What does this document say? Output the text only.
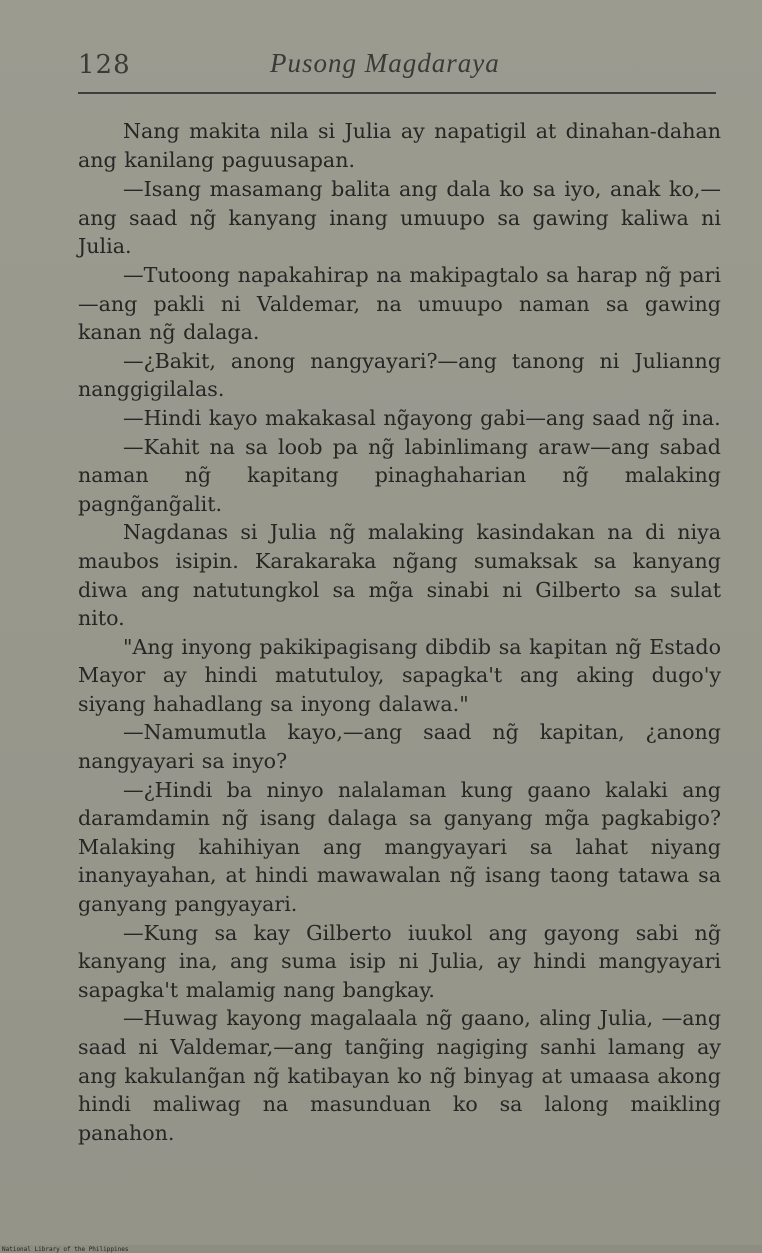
128	Pusong Magdaraya

Nang makita nila si Julia ay napatigil at dinahan-dahan ang kanilang paguusapan.

—Isang masamang balita ang dala ko sa iyo, anak ko,—ang saad ng̃ kanyang inang umuupo sa gawing kaliwa ni Julia.

—Tutoong napakahirap na makipagtalo sa harap ng̃ pari—ang pakli ni Valdemar, na umuupo naman sa gawing kanan ng̃ dalaga.

—¿Bakit, anong nangyayari?—ang tanong ni Julianng nanggigilalas.

—Hindi kayo makakasal ng̃ayong gabi—ang saad ng̃ ina.

—Kahit na sa loob pa ng̃ labinlimang araw—ang sabad naman ng̃ kapitang pinaghaharian ng̃ malaking pagng̃ang̃alit.

Nagdanas si Julia ng̃ malaking kasindakan na di niya maubos isipin. Karakaraka ng̃ang sumaksak sa kanyang diwa ang natutungkol sa mg̃a sinabi ni Gilberto sa sulat nito.

"Ang inyong pakikipagisang dibdib sa kapitan ng̃ Estado Mayor ay hindi matutuloy, sapagka't ang aking dugo'y siyang hahadlang sa inyong dalawa."

—Namumutla kayo,—ang saad ng̃ kapitan, ¿anong nangyayari sa inyo?

—¿Hindi ba ninyo nalalaman kung gaano kalaki ang daramdamin ng̃ isang dalaga sa ganyang mg̃a pagkabigo? Malaking kahihiyan ang mangyayari sa lahat niyang inanyayahan, at hindi mawawalan ng̃ isang taong tatawa sa ganyang pangyayari.

—Kung sa kay Gilberto iuukol ang gayong sabi ng̃ kanyang ina, ang suma isip ni Julia, ay hindi mangyayari sapagka't malamig nang bangkay.

—Huwag kayong magalaala ng̃ gaano, aling Julia, —ang saad ni Valdemar,—ang tang̃ing nagiging sanhi lamang ay ang kakulang̃an ng̃ katibayan ko ng̃ binyag at umaasa akong hindi maliwag na masunduan ko sa lalong maikling panahon.

National Library of the Philippines
